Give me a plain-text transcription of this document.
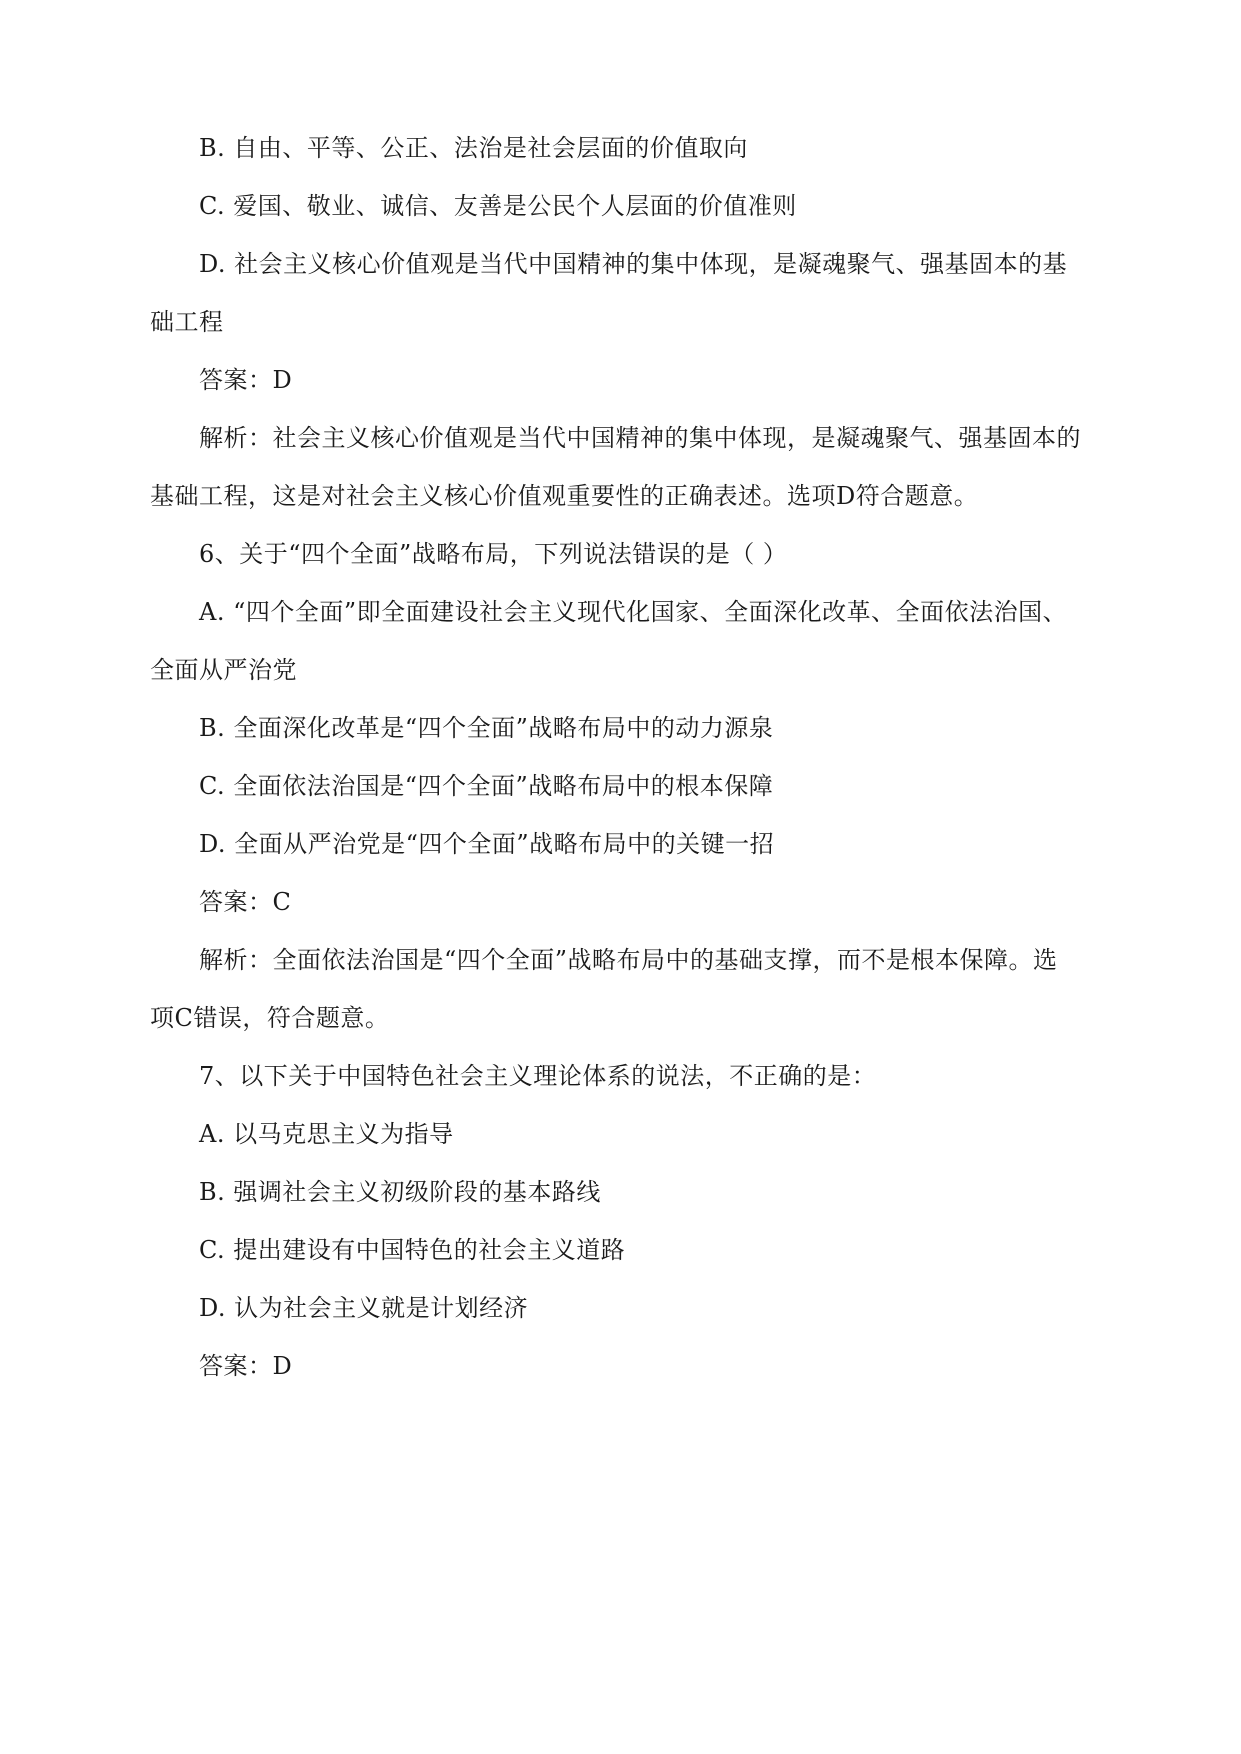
B. 自由、平等、公正、法治是社会层面的价值取向
C. 爱国、敬业、诚信、友善是公民个人层面的价值准则
D. 社会主义核心价值观是当代中国精神的集中体现，是凝魂聚气、强基固本的基
础工程
答案：D
解析：社会主义核心价值观是当代中国精神的集中体现，是凝魂聚气、强基固本的
基础工程，这是对社会主义核心价值观重要性的正确表述。选项D符合题意。
6、关于“四个全面”战略布局，下列说法错误的是（ ）
A. “四个全面”即全面建设社会主义现代化国家、全面深化改革、全面依法治国、
全面从严治党
B. 全面深化改革是“四个全面”战略布局中的动力源泉
C. 全面依法治国是“四个全面”战略布局中的根本保障
D. 全面从严治党是“四个全面”战略布局中的关键一招
答案：C
解析：全面依法治国是“四个全面”战略布局中的基础支撑，而不是根本保障。选
项C错误，符合题意。
7、以下关于中国特色社会主义理论体系的说法，不正确的是：
A. 以马克思主义为指导
B. 强调社会主义初级阶段的基本路线
C. 提出建设有中国特色的社会主义道路
D. 认为社会主义就是计划经济
答案：D
